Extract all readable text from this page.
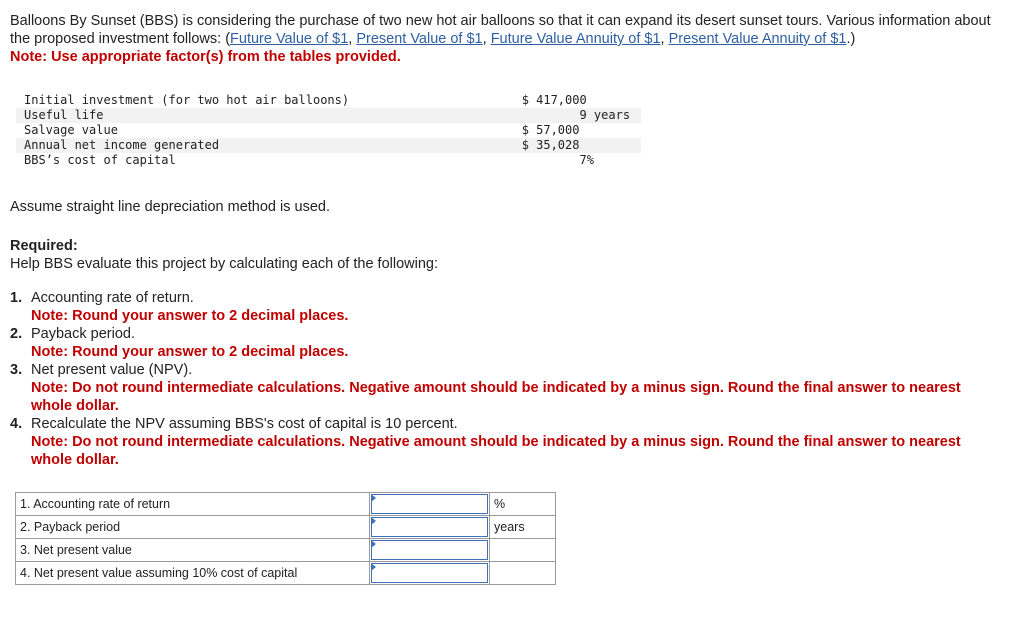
Balloons By Sunset (BBS) is considering the purchase of two new hot air balloons so that it can expand its desert sunset tours. Various information about the proposed investment follows: (Future Value of $1, Present Value of $1, Future Value Annuity of $1, Present Value Annuity of $1.)

Note: Use appropriate factor(s) from the tables provided.

Initial investment (for two hot air balloons)	$ 417,000
Useful life	9 years
Salvage value	$ 57,000
Annual net income generated	$ 35,028
BBS’s cost of capital	7%

Assume straight line depreciation method is used.

Required:
Help BBS evaluate this project by calculating each of the following:
1. Accounting rate of return.
Note: Round your answer to 2 decimal places.
2. Payback period.
Note: Round your answer to 2 decimal places.
3. Net present value (NPV).
Note: Do not round intermediate calculations. Negative amount should be indicated by a minus sign. Round the final answer to nearest whole dollar.
4. Recalculate the NPV assuming BBS's cost of capital is 10 percent.
Note: Do not round intermediate calculations. Negative amount should be indicated by a minus sign. Round the final answer to nearest whole dollar.
1. Accounting rate of return		%
2. Payback period		years
3. Net present value	

4. Net present value assuming 10% cost of capital	
